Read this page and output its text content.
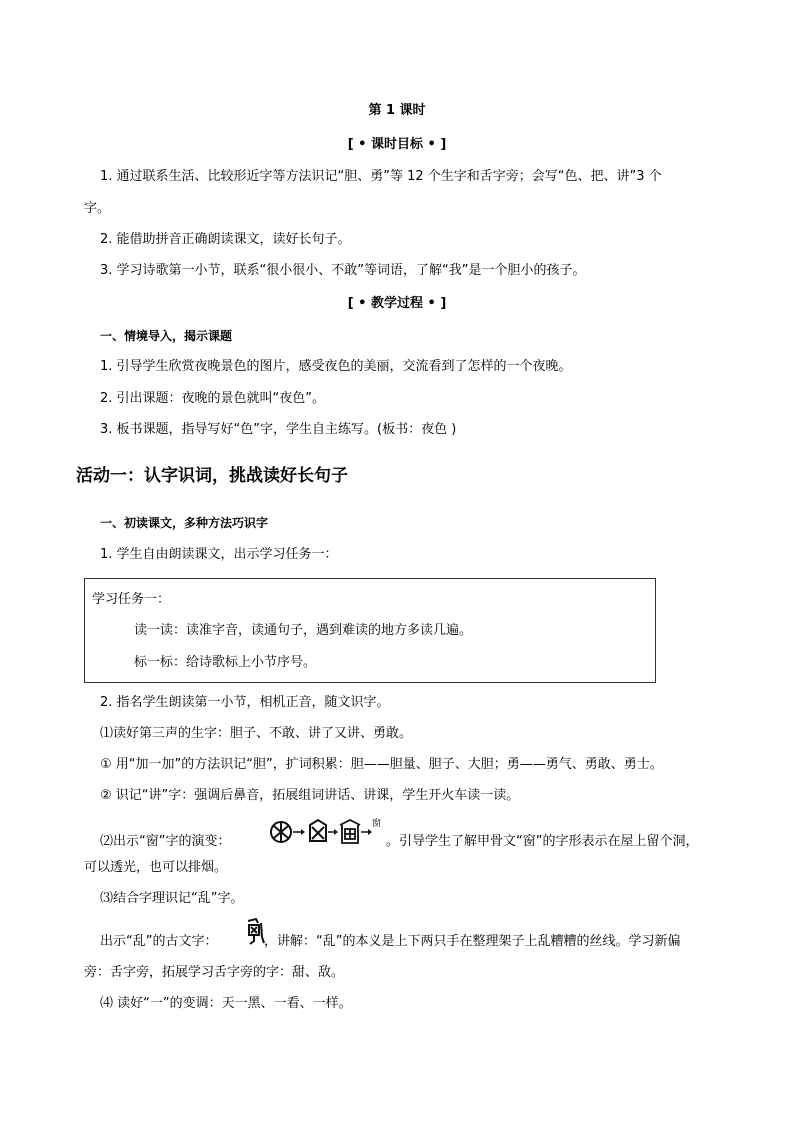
第 1 课时
[ • 课时目标 • ]
1. 通过联系生活、比较形近字等方法识记“胆、勇”等 12 个生字和舌字旁；会写“色、把、讲”3 个
字。
2. 能借助拼音正确朗读课文，读好长句子。
3. 学习诗歌第一小节，联系“很小很小、不敢”等词语，了解“我”是一个胆小的孩子。
[ • 教学过程 • ]
一、情境导入，揭示课题
1. 引导学生欣赏夜晚景色的图片，感受夜色的美丽，交流看到了怎样的一个夜晚。
2. 引出课题：夜晚的景色就叫“夜色”。
3. 板书课题，指导写好“色”字，学生自主练写。(板书：夜色 )
活动一：认字识词，挑战读好长句子
一、初读课文，多种方法巧识字
1. 学生自由朗读课文，出示学习任务一：
学习任务一：
读一读：读准字音，读通句子，遇到难读的地方多读几遍。
标一标：给诗歌标上小节序号。
2. 指名学生朗读第一小节，相机正音，随文识字。
⑴读好第三声的生字：胆子、不敢、讲了又讲、勇敢。
① 用“加一加”的方法识记“胆”，扩词积累：胆——胆量、胆子、大胆；勇——勇气、勇敢、勇士。
② 识记“讲”字：强调后鼻音，拓展组词讲话、讲课，学生开火车读一读。
⑵出示“窗”字的演变：
窗
。引导学生了解甲骨文“窗”的字形表示在屋上留个洞，
可以透光，也可以排烟。
⑶结合字理识记“乱”字。
出示“乱”的古文字：	，讲解：“乱”的本义是上下两只手在整理架子上乱糟糟的丝线。学习新偏
旁：舌字旁，拓展学习舌字旁的字：甜、敌。
⑷ 读好“一”的变调：天一黑、一看、一样。
